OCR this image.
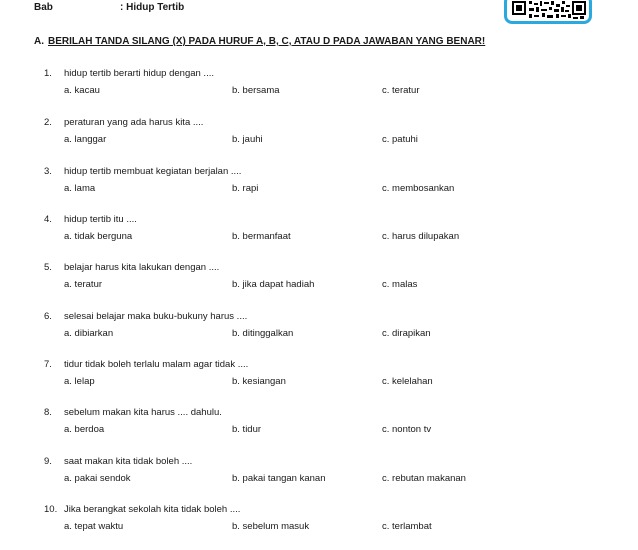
Bab	: Hidup Tertib
A. BERILAH TANDA SILANG (X) PADA HURUF A, B, C, ATAU D PADA JAWABAN YANG BENAR!
1. hidup tertib berarti hidup dengan ....
a. kacau	b. bersama	c. teratur
2. peraturan yang ada harus kita ....
a. langgar	b. jauhi	c. patuhi
3. hidup tertib membuat kegiatan berjalan ....
a. lama	b. rapi	c. membosankan
4. hidup tertib itu ....
a. tidak berguna	b. bermanfaat	c. harus dilupakan
5. belajar harus kita lakukan dengan ....
a. teratur	b. jika dapat hadiah	c. malas
6. selesai belajar maka buku-bukuny harus ....
a. dibiarkan	b. ditinggalkan	c. dirapikan
7. tidur tidak boleh terlalu malam agar tidak ....
a. lelap	b. kesiangan	c. kelelahan
8. sebelum makan kita harus .... dahulu.
a. berdoa	b. tidur	c. nonton tv
9. saat makan kita tidak boleh ....
a. pakai sendok	b. pakai tangan kanan	c. rebutan makanan
10. Jika berangkat sekolah kita tidak boleh ....
a. tepat waktu	b. sebelum masuk	c. terlambat
